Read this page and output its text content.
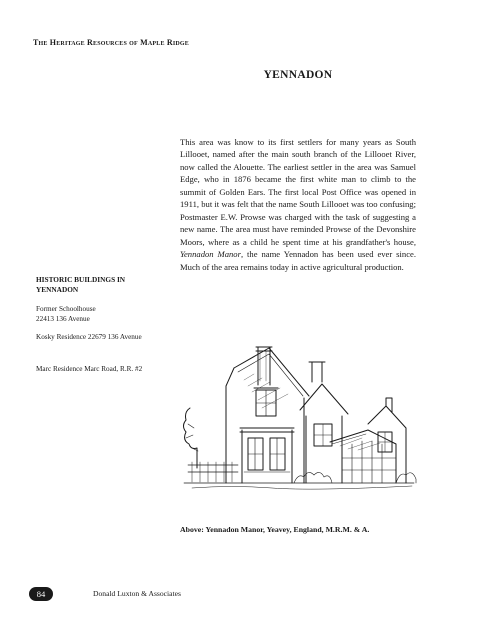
The Heritage Resources of Maple Ridge
YENNADON

This area was know to its first settlers for many years as South Lillooet, named after the main south branch of the Lillooet River, now called the Alouette. The earliest settler in the area was Samuel Edge, who in 1876 became the first white man to climb to the summit of Golden Ears. The first local Post Office was opened in 1911, but it was felt that the name South Lillooet was too confusing; Postmaster E.W. Prowse was charged with the task of suggesting a new name. The area must have reminded Prowse of the Devonshire Moors, where as a child he spent time at his grandfather's house, Yennadon Manor, the name Yennadon has been used ever since. Much of the area remains today in active agricultural production.

HISTORIC BUILDINGS IN
YENNADON
Former Schoolhouse
22413 136 Avenue
Kosky Residence 22679 136 Avenue
Marc Residence Marc Road, R.R. #2
Above: Yennadon Manor, Yeavey, England, M.R.M. & A.
84	Donald Luxton & Associates
